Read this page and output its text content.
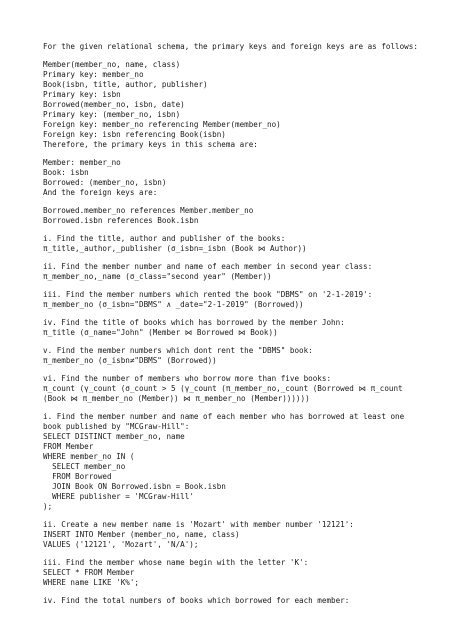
For the given relational schema, the primary keys and foreign keys are as follows:
Member(member_no, name, class)
Primary key: member_no
Book(isbn, title, author, publisher)
Primary key: isbn
Borrowed(member_no, isbn, date)
Primary key: (member_no, isbn)
Foreign key: member_no referencing Member(member_no)
Foreign key: isbn referencing Book(isbn)
Therefore, the primary keys in this schema are:
Member: member_no
Book: isbn
Borrowed: (member_no, isbn)
And the foreign keys are:
Borrowed.member_no references Member.member_no
Borrowed.isbn references Book.isbn
i. Find the title, author and publisher of the books:
π_title,_author,_publisher (σ_isbn=_isbn (Book ⋈ Author))
ii. Find the member number and name of each member in second year class:
π_member_no,_name (σ_class="second year" (Member))
iii. Find the member numbers which rented the book "DBMS" on '2-1-2019':
π_member_no (σ_isbn="DBMS" ∧ _date="2-1-2019" (Borrowed))
iv. Find the title of books which has borrowed by the member John:
π_title (σ_name="John" (Member ⋈ Borrowed ⋈ Book))
v. Find the member numbers which dont rent the "DBMS" book:
π_member_no (σ_isbn≠"DBMS" (Borrowed))
vi. Find the number of members who borrow more than five books:
π_count (γ_count (σ_count > 5 (γ_count (π_member_no,_count (Borrowed ⋈ π_count
(Book ⋈ π_member_no (Member)) ⋈ π_member_no (Member))))))
i. Find the member number and name of each member who has borrowed at least one
book published by "MCGraw-Hill":
SELECT DISTINCT member_no, name
FROM Member
WHERE member_no IN (
SELECT member_no
FROM Borrowed
JOIN Book ON Borrowed.isbn = Book.isbn
WHERE publisher = 'MCGraw-Hill'
);
ii. Create a new member name is 'Mozart' with member number '12121':
INSERT INTO Member (member_no, name, class)
VALUES ('12121', 'Mozart', 'N/A');
iii. Find the member whose name begin with the letter 'K':
SELECT * FROM Member
WHERE name LIKE 'K%';
iv. Find the total numbers of books which borrowed for each member:
